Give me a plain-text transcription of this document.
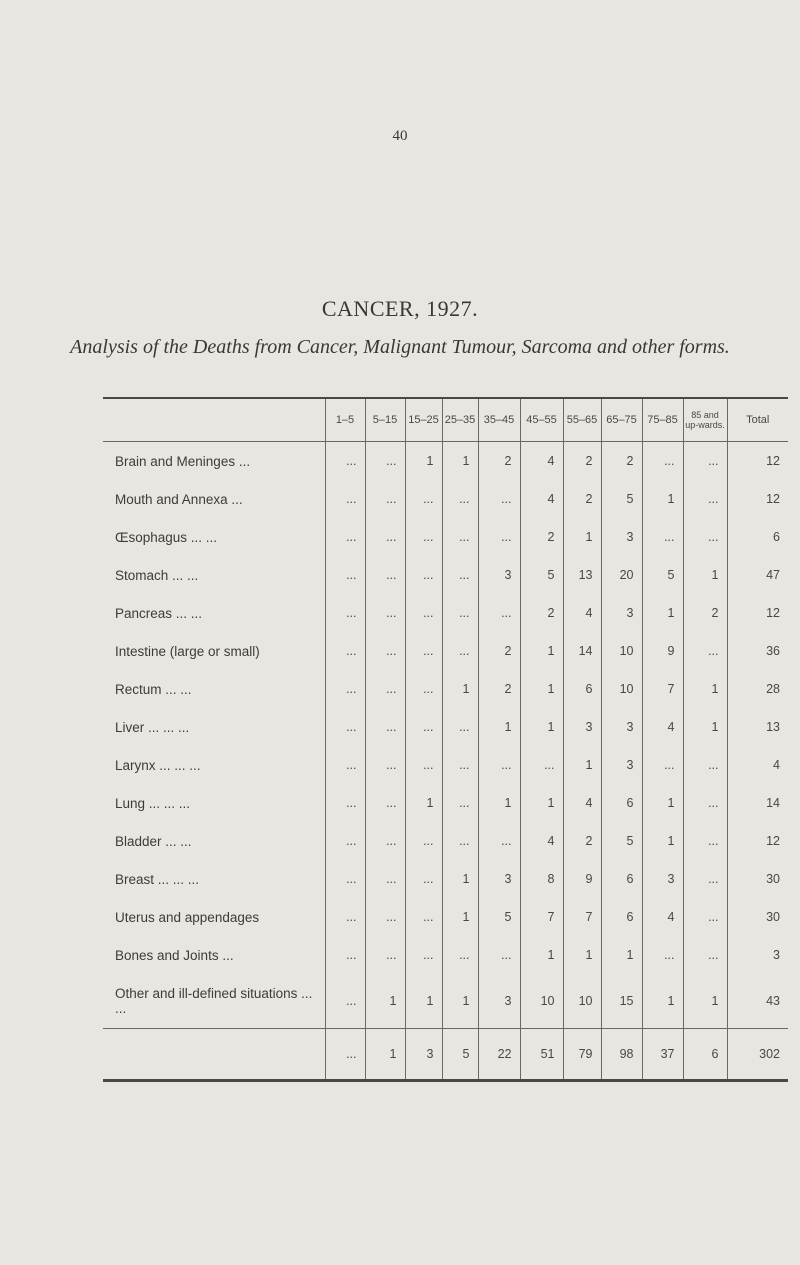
40
CANCER, 1927.
Analysis of the Deaths from Cancer, Malignant Tumour, Sarcoma and other forms.
	1–5	5–15	15–25	25–35	35–45	45–55	55–65	65–75	75–85	85 and up-wards.	Total
Brain and Meninges ...	...	...	1	1	2	4	2	2	...	...	12
Mouth and Annexa ...	...	...	...	...	...	4	2	5	1	...	12
Œsophagus ... ...	...	...	...	...	...	2	1	3	...	...	6
Stomach ... ...	...	...	...	...	3	5	13	20	5	1	47
Pancreas ... ...	...	...	...	...	...	2	4	3	1	2	12
Intestine (large or small)	...	...	...	...	2	1	14	10	9	...	36
Rectum ... ...	...	...	...	1	2	1	6	10	7	1	28
Liver ... ... ...	...	...	...	...	1	1	3	3	4	1	13
Larynx ... ... ...	...	...	...	...	...	...	1	3	...	...	4
Lung ... ... ...	...	...	1	...	1	1	4	6	1	...	14
Bladder ... ...	...	...	...	...	...	4	2	5	1	...	12
Breast ... ... ...	...	...	...	1	3	8	9	6	3	...	30
Uterus and appendages	...	...	...	1	5	7	7	6	4	...	30
Bones and Joints ...	...	...	...	...	...	1	1	1	...	...	3
Other and ill-defined situations ... ...	...	1	1	1	3	10	10	15	1	1	43
	...	1	3	5	22	51	79	98	37	6	302
